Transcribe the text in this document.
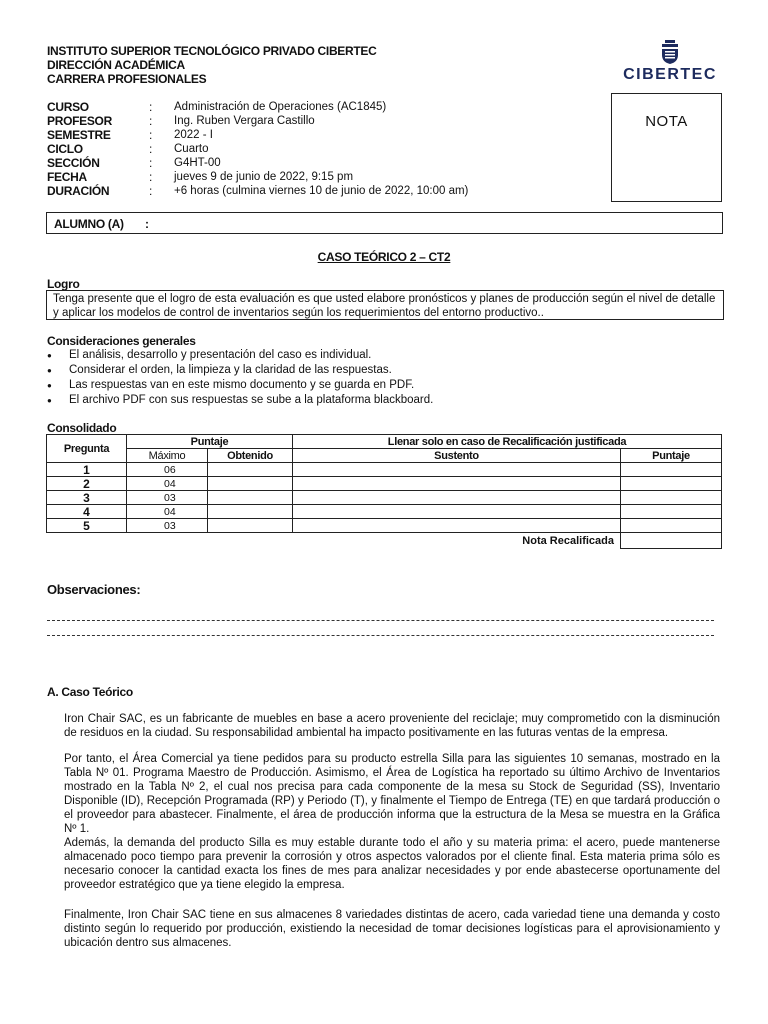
INSTITUTO SUPERIOR TECNOLÓGICO PRIVADO CIBERTEC
DIRECCIÓN ACADÉMICA
CARRERA PROFESIONALES	CIBERTEC
NOTA
CURSO	: Administración de Operaciones (AC1845)
PROFESOR	: Ing. Ruben Vergara Castillo
SEMESTRE	: 2022 - I
CICLO	: Cuarto
SECCIÓN	: G4HT-00
FECHA	: jueves 9 de junio de 2022, 9:15 pm
DURACIÓN	: +6 horas (culmina viernes 10 de junio de 2022, 10:00 am)
ALUMNO (A) :
CASO TEÓRICO 2 – CT2
Logro
Tenga presente que el logro de esta evaluación es que usted elabore pronósticos y planes de producción según el nivel de detalle y aplicar los modelos de control de inventarios según los requerimientos del entorno productivo..
Consideraciones generales
● El análisis, desarrollo y presentación del caso es individual.
● Considerar el orden, la limpieza y la claridad de las respuestas.
● Las respuestas van en este mismo documento y se guarda en PDF.
● El archivo PDF con sus respuestas se sube a la plataforma blackboard.
Consolidado
Pregunta	Puntaje		Llenar solo en caso de Recalificación justificada	
	Máximo	Obtenido	Sustento	Puntaje
1	06			
2	04			
3	03			
4	04			
5	03			
Nota Recalificada				
Observaciones:
A. Caso Teórico
Iron Chair SAC, es un fabricante de muebles en base a acero proveniente del reciclaje; muy comprometido con la disminución de residuos en la ciudad. Su responsabilidad ambiental ha impacto positivamente en las futuras ventas de la empresa.
Por tanto, el Área Comercial ya tiene pedidos para su producto estrella Silla para las siguientes 10 semanas, mostrado en la Tabla Nº 01. Programa Maestro de Producción. Asimismo, el Área de Logística ha reportado su último Archivo de Inventarios mostrado en la Tabla Nº 2, el cual nos precisa para cada componente de la mesa su Stock de Seguridad (SS), Inventario Disponible (ID), Recepción Programada (RP) y Periodo (T), y finalmente el Tiempo de Entrega (TE) en que tardará producción o el proveedor para abastecer. Finalmente, el área de producción informa que la estructura de la Mesa se muestra en la Gráfica Nº 1.
Además, la demanda del producto Silla es muy estable durante todo el año y su materia prima: el acero, puede mantenerse almacenado poco tiempo para prevenir la corrosión y otros aspectos valorados por el cliente final. Esta materia prima sólo es necesario conocer la cantidad exacta los fines de mes para analizar necesidades y por ende abastecerse oportunamente del proveedor estratégico que ya tiene elegido la empresa.
Finalmente, Iron Chair SAC tiene en sus almacenes 8 variedades distintas de acero, cada variedad tiene una demanda y costo distinto según lo requerido por producción, existiendo la necesidad de tomar decisiones logísticas para el aprovisionamiento y ubicación dentro sus almacenes.
